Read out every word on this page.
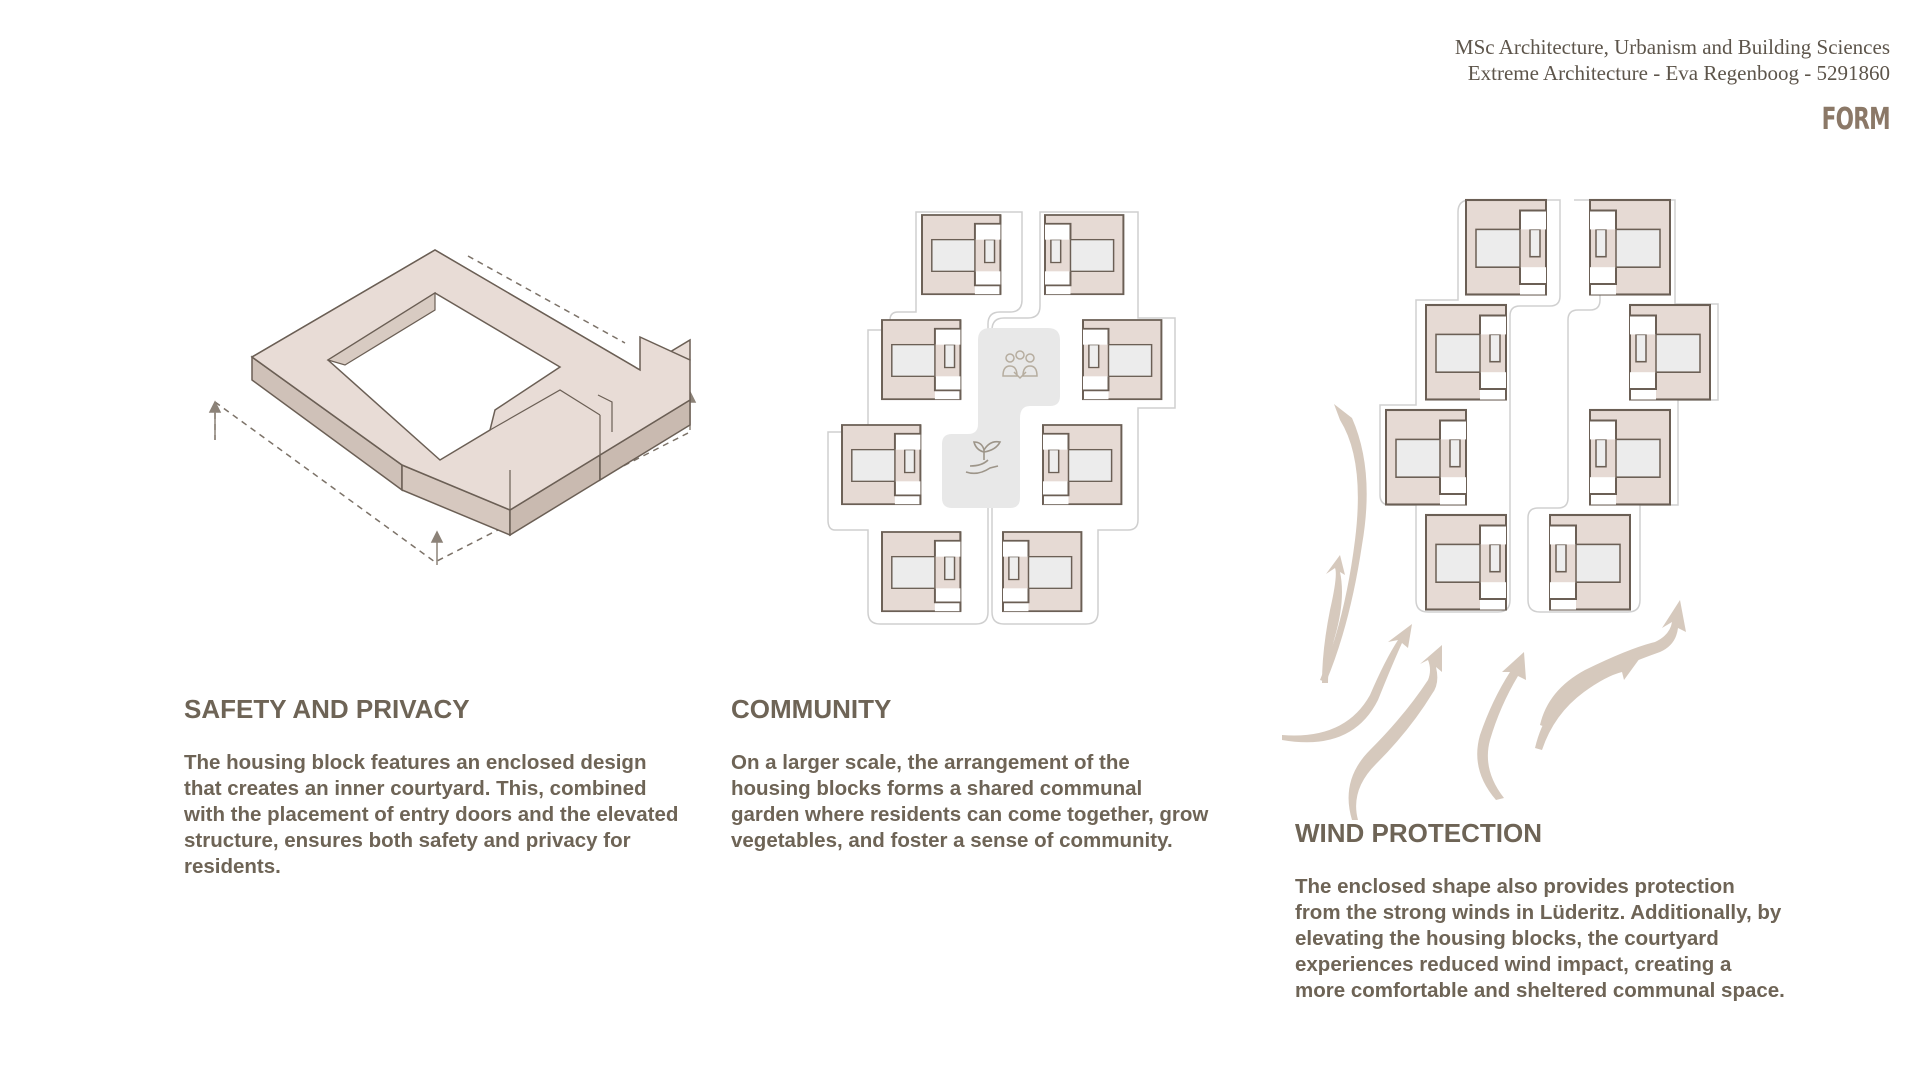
MSc Architecture, Urbanism and Building Sciences
Extreme Architecture - Eva Regenboog - 5291860
FORM
SAFETY AND PRIVACY
The housing block features an enclosed design that creates an inner courtyard. This, combined with the placement of entry doors and the elevated structure, ensures both safety and privacy for residents.
COMMUNITY
On a larger scale, the arrangement of the housing blocks forms a shared communal garden where residents can come together, grow vegetables, and foster a sense of community.	WIND PROTECTION
The enclosed shape also provides protection from the strong winds in Lüderitz. Additionally, by elevating the housing blocks, the courtyard experiences reduced wind impact, creating a more comfortable and sheltered communal space.
